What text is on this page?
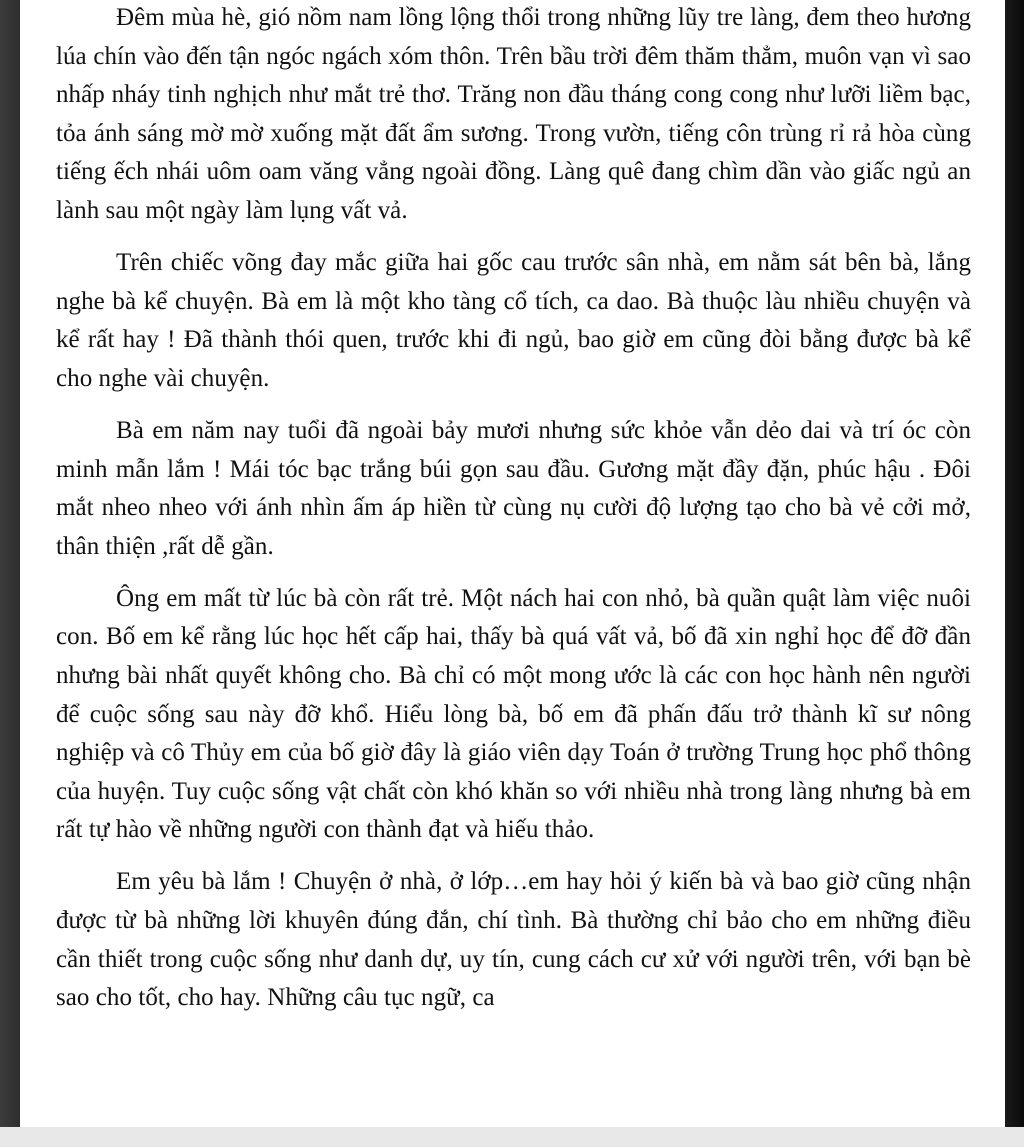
Đêm mùa hè, gió nồm nam lồng lộng thổi trong những lũy tre làng, đem theo hương lúa chín vào đến tận ngóc ngách xóm thôn. Trên bầu trời đêm thăm thẳm, muôn vạn vì sao nhấp nháy tinh nghịch như mắt trẻ thơ. Trăng non đầu tháng cong cong như lưỡi liềm bạc, tỏa ánh sáng mờ mờ xuống mặt đất ẩm sương. Trong vườn, tiếng côn trùng rỉ rả hòa cùng tiếng ếch nhái uôm oam văng vẳng ngoài đồng. Làng quê đang chìm dần vào giấc ngủ an lành sau một ngày làm lụng vất vả.

Trên chiếc võng đay mắc giữa hai gốc cau trước sân nhà, em nằm sát bên bà, lắng nghe bà kể chuyện. Bà em là một kho tàng cổ tích, ca dao. Bà thuộc làu nhiều chuyện và kể rất hay ! Đã thành thói quen, trước khi đi ngủ, bao giờ em cũng đòi bằng được bà kể cho nghe vài chuyện.

Bà em năm nay tuổi đã ngoài bảy mươi nhưng sức khỏe vẫn dẻo dai và trí óc còn minh mẫn lắm ! Mái tóc bạc trắng búi gọn sau đầu. Gương mặt đầy đặn, phúc hậu . Đôi mắt nheo nheo với ánh nhìn ấm áp hiền từ cùng nụ cười độ lượng tạo cho bà vẻ cởi mở, thân thiện ,rất dễ gần.

Ông em mất từ lúc bà còn rất trẻ. Một nách hai con nhỏ, bà quần quật làm việc nuôi con. Bố em kể rằng lúc học hết cấp hai, thấy bà quá vất vả, bố đã xin nghỉ học để đỡ đần nhưng bài nhất quyết không cho. Bà chỉ có một mong ước là các con học hành nên người để cuộc sống sau này đỡ khổ. Hiểu lòng bà, bố em đã phấn đấu trở thành kĩ sư nông nghiệp và cô Thủy em của bố giờ đây là giáo viên dạy Toán ở trường Trung học phổ thông của huyện. Tuy cuộc sống vật chất còn khó khăn so với nhiều nhà trong làng nhưng bà em rất tự hào về những người con thành đạt và hiếu thảo.

Em yêu bà lắm ! Chuyện ở nhà, ở lớp…em hay hỏi ý kiến bà và bao giờ cũng nhận được từ bà những lời khuyên đúng đắn, chí tình. Bà thường chỉ bảo cho em những điều cần thiết trong cuộc sống như danh dự, uy tín, cung cách cư xử với người trên, với bạn bè sao cho tốt, cho hay. Những câu tục ngữ, ca
